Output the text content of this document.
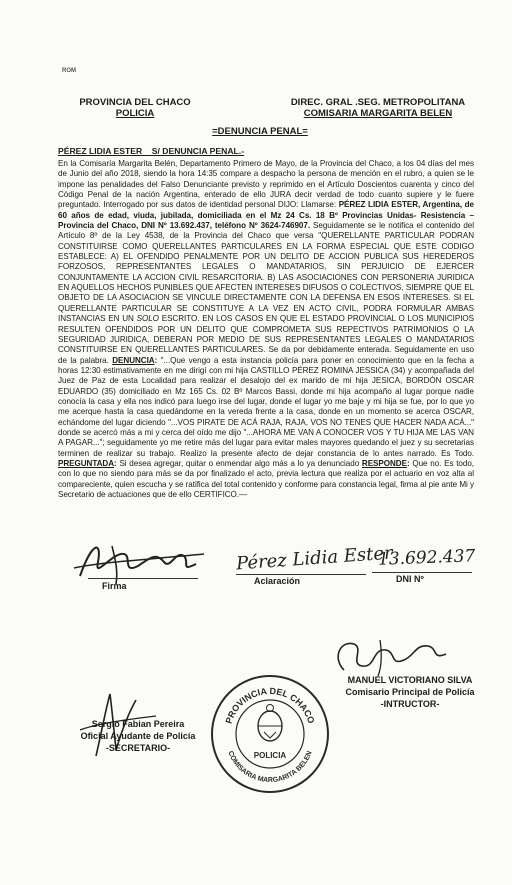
ROM
PROVINCIA DEL CHACO
POLICIA
DIREC. GRAL .SEG. METROPOLITANA
COMISARIA MARGARITA BELEN
=DENUNCIA PENAL=
PÉREZ LIDIA ESTER    S/ DENUNCIA PENAL.-

En la Comisaría Margarita Belén, Departamento Primero de Mayo, de la Provincia del Chaco, a los 04 días del mes de Junio del año 2018, siendo la hora 14:35 compare a despacho la persona de mención en el rubro, a quien se le impone las penalidades del Falso Denunciante previsto y reprimido en el Artículo Doscientos cuarenta y cinco del Código Penal de la nación Argentina, enterado de ello JURA decir verdad de todo cuanto supiere y le fuere preguntado. Interrogado por sus datos de identidad personal DIJO: Llamarse: PÉREZ LIDIA ESTER, Argentina, de 60 años de edad, viuda, jubilada, domiciliada en el Mz 24 Cs. 18 Bº Provincias Unidas- Resistencia – Provincia del Chaco, DNI Nº 13.692.437, teléfono Nº 3624-746907. Seguidamente se le notifica el contenido del Artículo 8º de la Ley 4538, de la Provincia del Chaco que versa "QUERELLANTE PARTICULAR PODRAN CONSTITUIRSE COMO QUERELLANTES PARTICULARES EN LA FORMA ESPECIAL QUE ESTE CODIGO ESTABLECE: A) EL OFENDIDO PENALMENTE POR UN DELITO DE ACCION PUBLICA SUS HEREDEROS FORZOSOS, REPRESENTANTES LEGALES O MANDATARIOS, SIN PERJUICIO DE EJERCER CONJUNTAMENTE LA ACCION CIVIL RESARCITORIA. B) LAS ASOCIACIONES CON PERSONERIA JURIDICA EN AQUELLOS HECHOS PUNIBLES QUE AFECTEN INTERESES DIFUSOS O COLECTIVOS, SIEMPRE QUE EL OBJETO DE LA ASOCIACION SE VINCULE DIRECTAMENTE CON LA DEFENSA EN ESOS INTERESES. SI EL QUERELLANTE PARTICULAR SE CONSTITUYE A LA VEZ EN ACTO CIVIL, PODRA FORMULAR AMBAS INSTANCIAS EN UN SOLO ESCRITO. EN LOS CASOS EN QUE EL ESTADO PROVINCIAL O LOS MUNICIPIOS RESULTEN OFENDIDOS POR UN DELITO QUE COMPROMETA SUS REPECTIVOS PATRIMONIOS O LA SEGURIDAD JURIDICA, DEBERAN POR MEDIO DE SUS REPRESENTANTES LEGALES O MANDATARIOS CONSTITUIRSE EN QUERELLANTES PARTICULARES. Se da por debidamente enterada. Seguidamente en uso de la palabra. DENUNCIA: "...Que vengo a esta instancia policía para poner en conocimiento que en la fecha a horas 12:30 estimativamente en me dirigí con mi hija CASTILLO PÉREZ ROMINA JESSICA (34) y acompañada del Juez de Paz de esta Localidad para realizar el desalojo del ex marido de mi hija JESICA, BORDÓN OSCAR EDUARDO (35) domiciliado en Mz 165 Cs. 02 Bº Marcos Bassi, donde mi hija acompaño al lugar porque nadie conocía la casa y ella nos indicó para luego irse del lugar, donde el lugar yo me baje y mi hija se fue, por lo que yo me acerque hasta la casa quedándome en la vereda frente a la casa, donde en un momento se acerca OSCAR, echándome del lugar diciendo "...VOS PIRATE DE ACÁ RAJA, RAJA, VOS NO TENES QUE HACER NADA ACÁ..." donde se acercó más a mi y cerca del oído me dijo "...AHORA ME VAN A CONOCER VOS Y TU HIJA ME LAS VAN A PAGAR..."; seguidamente yo me retire más del lugar para evitar males mayores quedando el juez y su secretarias terminen de realizar su trabajo. Realizo la presente afecto de dejar constancia de lo antes narrado. Es Todo. PREGUNTADA: Si desea agregar, quitar o enmendar algo más a lo ya denunciado RESPONDE: Que no. Es todo, con lo que no siendo para más se da por finalizado el acto, previa lectura que realiza por el actuario en voz alta al compareciente, quien escucha y se ratifica del total contenido y conforme para constancia legal, firma al pie ante Mi y Secretario de actuaciones que de ello CERTIFICO.—

Firma
Pérez Lidia Ester
Aclaración
13.692.437
DNI Nº
MANUEL VICTORIANO SILVA
Comisario Principal de Policía
-INTRUCTOR-
Sergio Fabian Pereira
Oficial Ayudante de Policía
-SECRETARIO-
PROVINCIA DEL CHACO
COMISARIA MARGARITA BELEN
POLICIA
